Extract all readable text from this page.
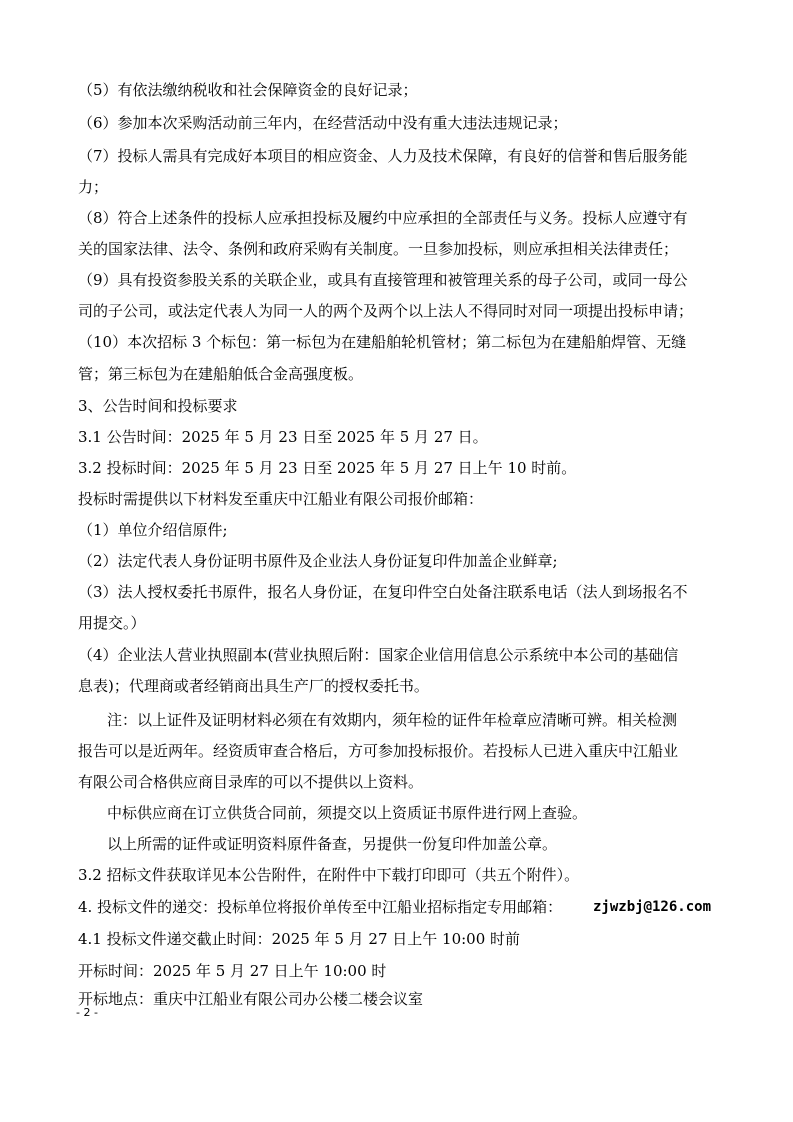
（5）有依法缴纳税收和社会保障资金的良好记录；
（6）参加本次采购活动前三年内，在经营活动中没有重大违法违规记录；
（7）投标人需具有完成好本项目的相应资金、人力及技术保障，有良好的信誉和售后服务能
力；
（8）符合上述条件的投标人应承担投标及履约中应承担的全部责任与义务。投标人应遵守有
关的国家法律、法令、条例和政府采购有关制度。一旦参加投标，则应承担相关法律责任；
（9）具有投资参股关系的关联企业，或具有直接管理和被管理关系的母子公司，或同一母公
司的子公司，或法定代表人为同一人的两个及两个以上法人不得同时对同一项提出投标申请；
（10）本次招标 3 个标包：第一标包为在建船舶轮机管材；第二标包为在建船舶焊管、无缝
管；第三标包为在建船舶低合金高强度板。
3、公告时间和投标要求
3.1 公告时间：2025 年 5 月 23 日至 2025 年 5 月 27 日。
3.2 投标时间：2025 年 5 月 23 日至 2025 年 5 月 27 日上午 10 时前。
投标时需提供以下材料发至重庆中江船业有限公司报价邮箱：
（1）单位介绍信原件;
（2）法定代表人身份证明书原件及企业法人身份证复印件加盖企业鲜章;
（3）法人授权委托书原件，报名人身份证，在复印件空白处备注联系电话（法人到场报名不
用提交。）
（4）企业法人营业执照副本(营业执照后附：国家企业信用信息公示系统中本公司的基础信
息表)；代理商或者经销商出具生产厂的授权委托书。
注：以上证件及证明材料必须在有效期内，须年检的证件年检章应清晰可辨。相关检测
报告可以是近两年。经资质审查合格后，方可参加投标报价。若投标人已进入重庆中江船业
有限公司合格供应商目录库的可以不提供以上资料。
中标供应商在订立供货合同前，须提交以上资质证书原件进行网上查验。
以上所需的证件或证明资料原件备查，另提供一份复印件加盖公章。
3.2 招标文件获取详见本公告附件，在附件中下载打印即可（共五个附件）。
4. 投标文件的递交：投标单位将报价单传至中江船业招标指定专用邮箱：	zjwzbj@126.com
4.1 投标文件递交截止时间：2025 年 5 月 27 日上午 10:00 时前
开标时间：2025 年 5 月 27 日上午 10:00 时
开标地点：重庆中江船业有限公司办公楼二楼会议室
- 2 -
